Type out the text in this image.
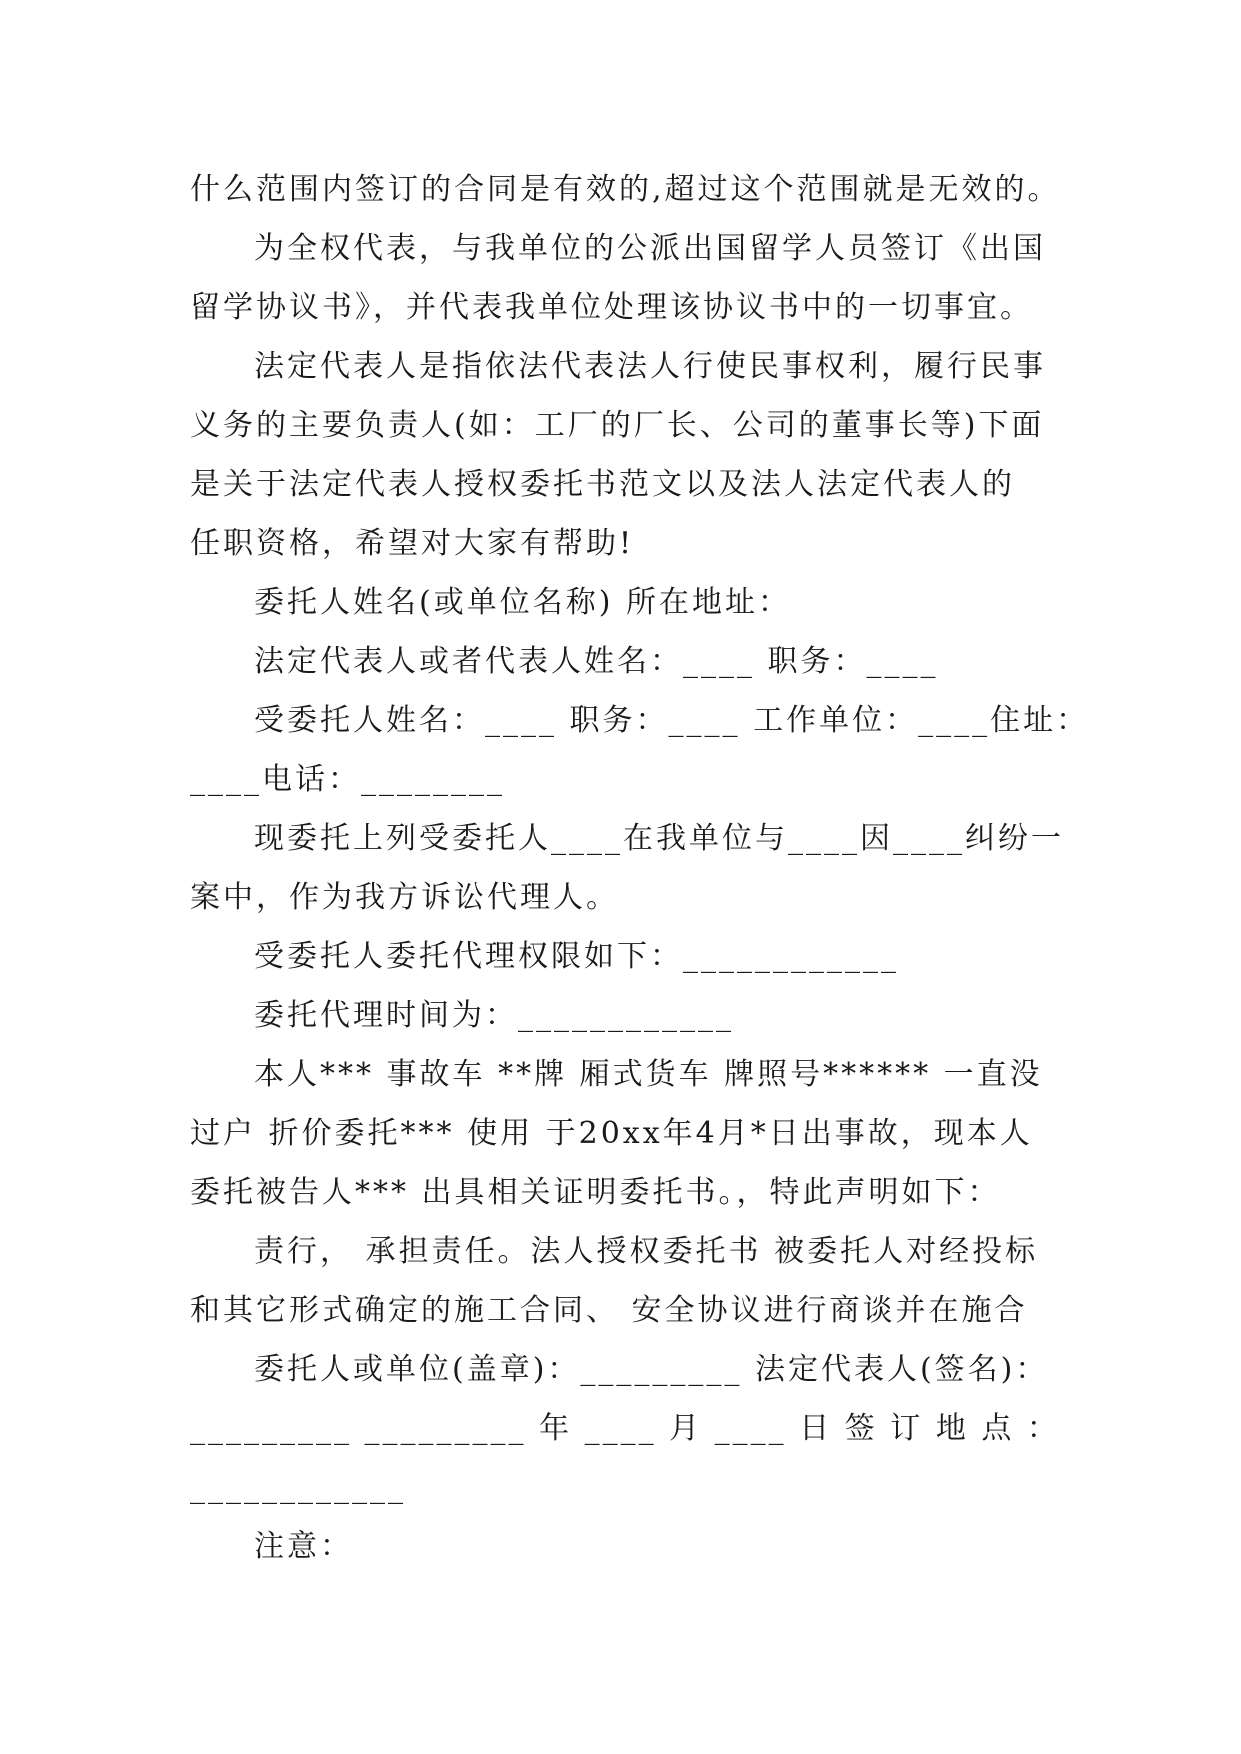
什么范围内签订的合同是有效的,超过这个范围就是无效的。
为全权代表，与我单位的公派出国留学人员签订《出国
留学协议书》，并代表我单位处理该协议书中的一切事宜。
法定代表人是指依法代表法人行使民事权利，履行民事
义务的主要负责人(如：工厂的厂长、公司的董事长等)下面
是关于法定代表人授权委托书范文以及法人法定代表人的
任职资格，希望对大家有帮助!
委托人姓名(或单位名称) 所在地址：
法定代表人或者代表人姓名：____ 职务：____
受委托人姓名：____ 职务：____ 工作单位：____住址：
____电话：________
现委托上列受委托人____在我单位与____因____纠纷一
案中，作为我方诉讼代理人。
受委托人委托代理权限如下：____________
委托代理时间为：____________
本人*** 事故车 **牌 厢式货车 牌照号****** 一直没
过户 折价委托*** 使用 于20xx年4月*日出事故，现本人
委托被告人*** 出具相关证明委托书。，特此声明如下：
责行， 承担责任。法人授权委托书 被委托人对经投标
和其它形式确定的施工合同、 安全协议进行商谈并在施合
委托人或单位(盖章)：_________ 法定代表人(签名)：
_________ _________ 年 ____ 月 ____ 日 签 订 地 点 ：
____________
注意：
